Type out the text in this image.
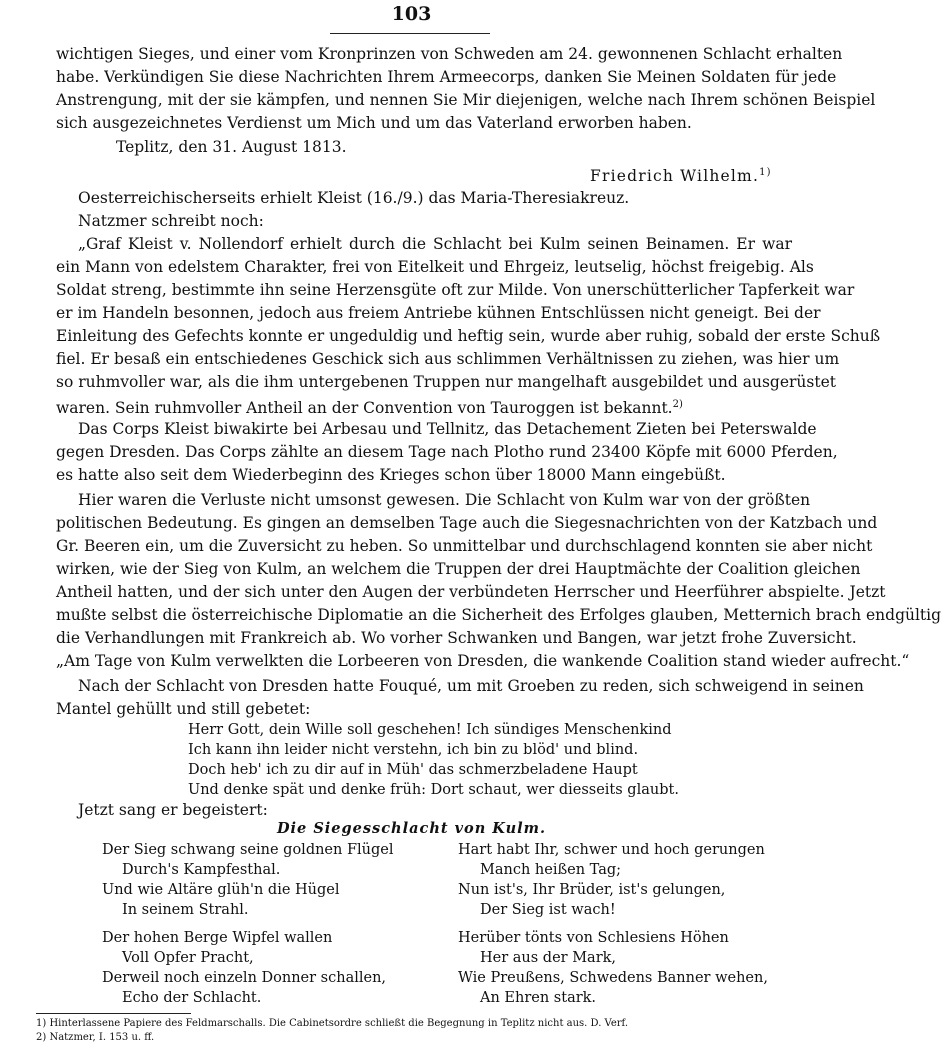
103
wichtigen Sieges, und einer vom Kronprinzen von Schweden am 24. gewonnenen Schlacht erhalten
habe. Verkündigen Sie diese Nachrichten Ihrem Armeecorps, danken Sie Meinen Soldaten für jede
Anstrengung, mit der sie kämpfen, und nennen Sie Mir diejenigen, welche nach Ihrem schönen Beispiel
sich ausgezeichnetes Verdienst um Mich und um das Vaterland erworben haben.
Teplitz, den 31. August 1813.
Friedrich Wilhelm.$^{1)}$
Oesterreichischerseits erhielt Kleist (16./9.) das Maria-Theresiakreuz.
Natzmer schreibt noch:
„Graf Kleist v. Nollendorf erhielt durch die Schlacht bei Kulm seinen Beinamen. Er war
ein Mann von edelstem Charakter, frei von Eitelkeit und Ehrgeiz, leutselig, höchst freigebig. Als
Soldat streng, bestimmte ihn seine Herzensgüte oft zur Milde. Von unerschütterlicher Tapferkeit war
er im Handeln besonnen, jedoch aus freiem Antriebe kühnen Entschlüssen nicht geneigt. Bei der
Einleitung des Gefechts konnte er ungeduldig und heftig sein, wurde aber ruhig, sobald der erste Schuß
fiel. Er besaß ein entschiedenes Geschick sich aus schlimmen Verhältnissen zu ziehen, was hier um
so ruhmvoller war, als die ihm untergebenen Truppen nur mangelhaft ausgebildet und ausgerüstet
waren. Sein ruhmvoller Antheil an der Convention von Tauroggen ist bekannt.$^{2)}$
Das Corps Kleist biwakirte bei Arbesau und Tellnitz, das Detachement Zieten bei Peterswalde
gegen Dresden. Das Corps zählte an diesem Tage nach Plotho rund 23400 Köpfe mit 6000 Pferden,
es hatte also seit dem Wiederbeginn des Krieges schon über 18000 Mann eingebüßt.
Hier waren die Verluste nicht umsonst gewesen. Die Schlacht von Kulm war von der größten
politischen Bedeutung. Es gingen an demselben Tage auch die Siegesnachrichten von der Katzbach und
Gr. Beeren ein, um die Zuversicht zu heben. So unmittelbar und durchschlagend konnten sie aber nicht
wirken, wie der Sieg von Kulm, an welchem die Truppen der drei Hauptmächte der Coalition gleichen
Antheil hatten, und der sich unter den Augen der verbündeten Herrscher und Heerführer abspielte. Jetzt
mußte selbst die österreichische Diplomatie an die Sicherheit des Erfolges glauben, Metternich brach endgültig
die Verhandlungen mit Frankreich ab. Wo vorher Schwanken und Bangen, war jetzt frohe Zuversicht.
„Am Tage von Kulm verwelkten die Lorbeeren von Dresden, die wankende Coalition stand wieder aufrecht.“
Nach der Schlacht von Dresden hatte Fouqué, um mit Groeben zu reden, sich schweigend in seinen
Mantel gehüllt und still gebetet:
Herr Gott, dein Wille soll geschehen! Ich sündiges Menschenkind
Ich kann ihn leider nicht verstehn, ich bin zu blöd' und blind.
Doch heb' ich zu dir auf in Müh' das schmerzbeladene Haupt
Und denke spät und denke früh: Dort schaut, wer diesseits glaubt.
Jetzt sang er begeistert:
Die Siegesschlacht von Kulm.
Der Sieg schwang seine goldnen Flügel
Durch's Kampfesthal.
Und wie Altäre glüh'n die Hügel
In seinem Strahl.
Der hohen Berge Wipfel wallen
Voll Opfer Pracht,
Derweil noch einzeln Donner schallen,
Echo der Schlacht.
Hart habt Ihr, schwer und hoch gerungen
Manch heißen Tag;
Nun ist's, Ihr Brüder, ist's gelungen,
Der Sieg ist wach!
Herüber tönts von Schlesiens Höhen
Her aus der Mark,
Wie Preußens, Schwedens Banner wehen,
An Ehren stark.
1) Hinterlassene Papiere des Feldmarschalls. Die Cabinetsordre schließt die Begegnung in Teplitz nicht aus. D. Verf.
2) Natzmer, I. 153 u. ff.
